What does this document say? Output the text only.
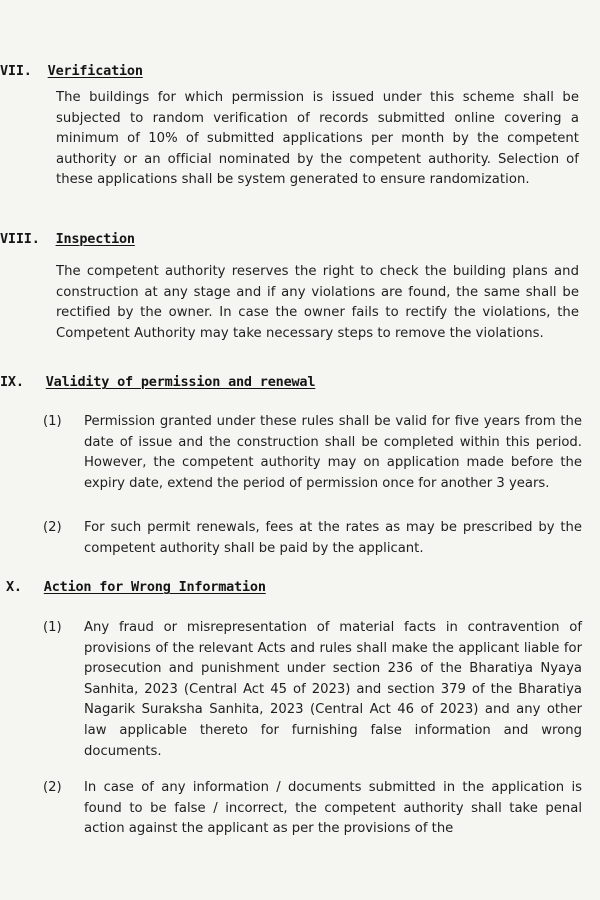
VII. Verification
The buildings for which permission is issued under this scheme shall be subjected to random verification of records submitted online covering a minimum of 10% of submitted applications per month by the competent authority or an official nominated by the competent authority. Selection of these applications shall be system generated to ensure randomization.
VIII. Inspection
The competent authority reserves the right to check the building plans and construction at any stage and if any violations are found, the same shall be rectified by the owner. In case the owner fails to rectify the violations, the Competent Authority may take necessary steps to remove the violations.
IX. Validity of permission and renewal
(1) Permission granted under these rules shall be valid for five years from the date of issue and the construction shall be completed within this period. However, the competent authority may on application made before the expiry date, extend the period of permission once for another 3 years.
(2) For such permit renewals, fees at the rates as may be prescribed by the competent authority shall be paid by the applicant.
X. Action for Wrong Information
(1) Any fraud or misrepresentation of material facts in contravention of provisions of the relevant Acts and rules shall make the applicant liable for prosecution and punishment under section 236 of the Bharatiya Nyaya Sanhita, 2023 (Central Act 45 of 2023) and section 379 of the Bharatiya Nagarik Suraksha Sanhita, 2023 (Central Act 46 of 2023) and any other law applicable thereto for furnishing false information and wrong documents.
(2) In case of any information / documents submitted in the application is found to be false / incorrect, the competent authority shall take penal action against the applicant as per the provisions of the
